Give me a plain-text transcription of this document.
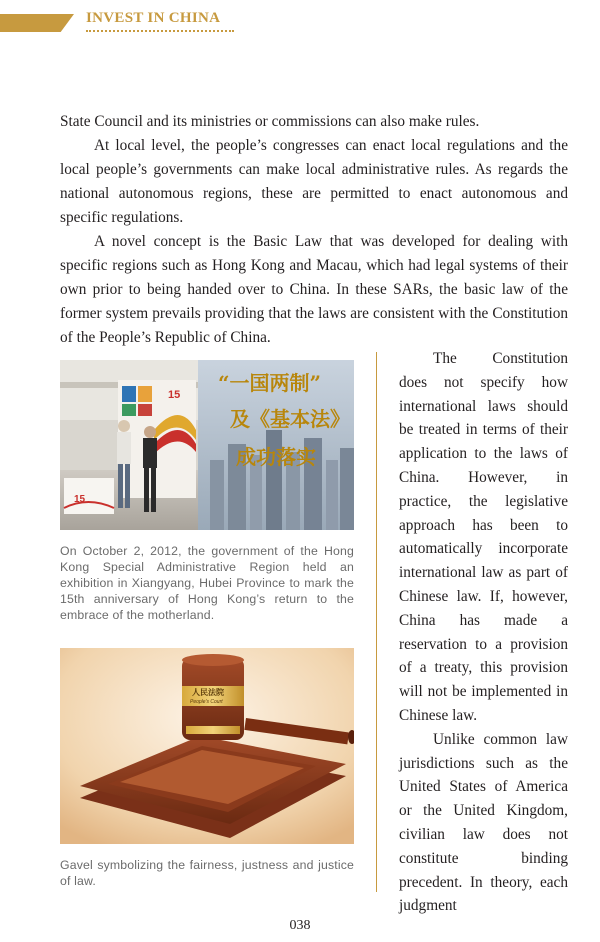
INVEST IN CHINA

State Council and its ministries or commissions can also make rules.

At local level, the people’s congresses can enact local regulations and the local people’s governments can make local administrative rules. As regards the national autonomous regions, these are permitted to enact autonomous and specific regulations.

A novel concept is the Basic Law that was developed for dealing with specific regions such as Hong Kong and Macau, which had legal systems of their own prior to being handed over to China. In these SARs, the basic law of the former system prevails providing that the laws are consistent with the Constitution of the People’s Republic of China.

15
15
“一国两制”
及《基本法》
成功落实
On October 2, 2012, the government of the Hong Kong Special Administrative Region held an exhibition in Xiangyang, Hubei Province to mark the 15th anniversary of Hong Kong’s return to the embrace of the motherland.
人民法院
People's Court
Gavel symbolizing the fairness, justness and justice of law.

The Constitution does not specify how international laws should be treated in terms of their application to the laws of China. However, in practice, the legislative approach has been to automatically incorporate international law as part of Chinese law. If, however, China has made a reservation to a provision of a treaty, this provision will not be implemented in Chinese law.

Unlike common law jurisdictions such as the United States of America or the United Kingdom, civilian law does not constitute binding precedent. In theory, each judgment

038
